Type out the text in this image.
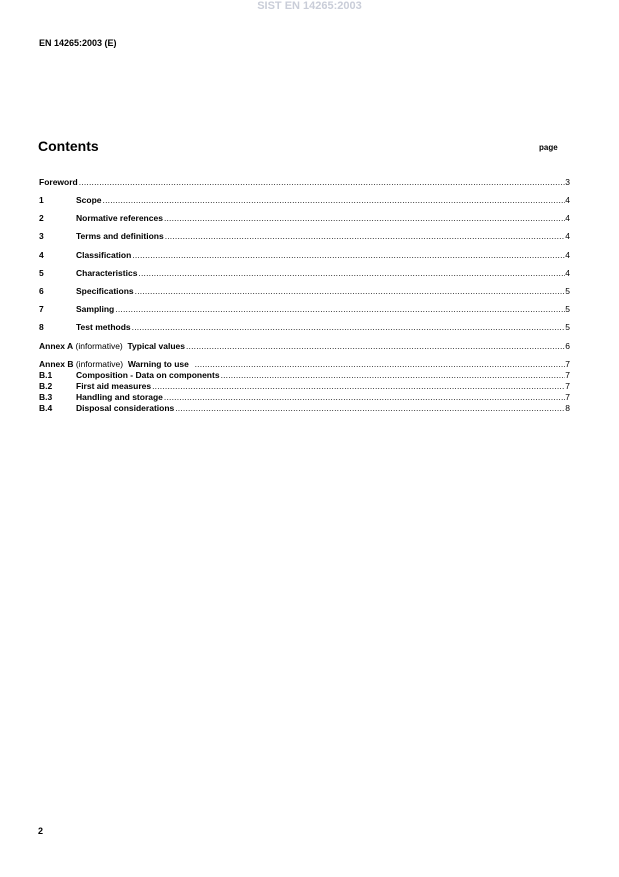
SIST EN 14265:2003
EN 14265:2003 (E)
Contents	page
Foreword .....	3
1	Scope .....	4
2	Normative references .....	4
3	Terms and definitions .....	4
4	Classification .....	4
5	Characteristics .....	4
6	Specifications .....	5
7	Sampling .....	5
8	Test methods .....	5
Annex A (informative)  Typical values .....	6
Annex B (informative)  Warning to use .....	7
B.1	Composition - Data on components .....	7
B.2	First aid measures .....	7
B.3	Handling and storage .....	7
B.4	Disposal considerations .....	8
2
